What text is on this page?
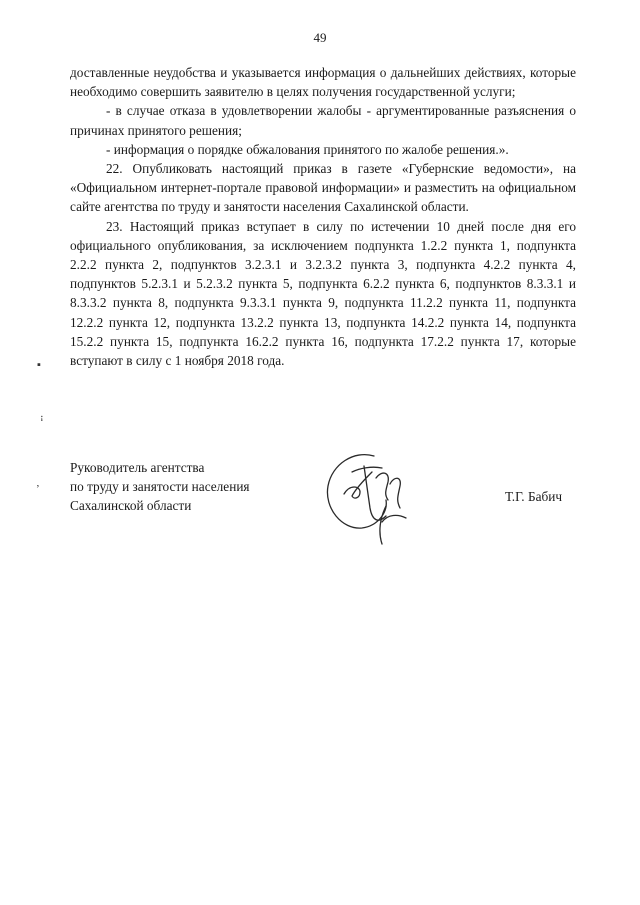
49

доставленные неудобства и указывается информация о дальнейших действиях, которые необходимо совершить заявителю в целях получения государственной услуги;

- в случае отказа в удовлетворении жалобы - аргументированные разъяснения о причинах принятого решения;

- информация о порядке обжалования принятого по жалобе решения.».

22. Опубликовать настоящий приказ в газете «Губернские ведомости», на «Официальном интернет-портале правовой информации» и разместить на официальном сайте агентства по труду и занятости населения Сахалинской области.

23. Настоящий приказ вступает в силу по истечении 10 дней после дня его официального опубликования, за исключением подпункта 1.2.2 пункта 1, подпункта 2.2.2 пункта 2, подпунктов 3.2.3.1 и 3.2.3.2 пункта 3, подпункта 4.2.2 пункта 4, подпунктов 5.2.3.1 и 5.2.3.2 пункта 5, подпункта 6.2.2 пункта 6, подпунктов 8.3.3.1 и 8.3.3.2 пункта 8, подпункта 9.3.3.1 пункта 9, подпункта 11.2.2 пункта 11, подпункта 12.2.2 пункта 12, подпункта 13.2.2 пункта 13, подпункта 14.2.2 пункта 14, подпункта 15.2.2 пункта 15, подпункта 16.2.2 пункта 16, подпункта 17.2.2 пункта 17, которые вступают в силу с 1 ноября 2018 года.

▪
ꜟ
‚
Руководитель агентства
по труду и занятости населения
Сахалинской области
Т.Г. Бабич
